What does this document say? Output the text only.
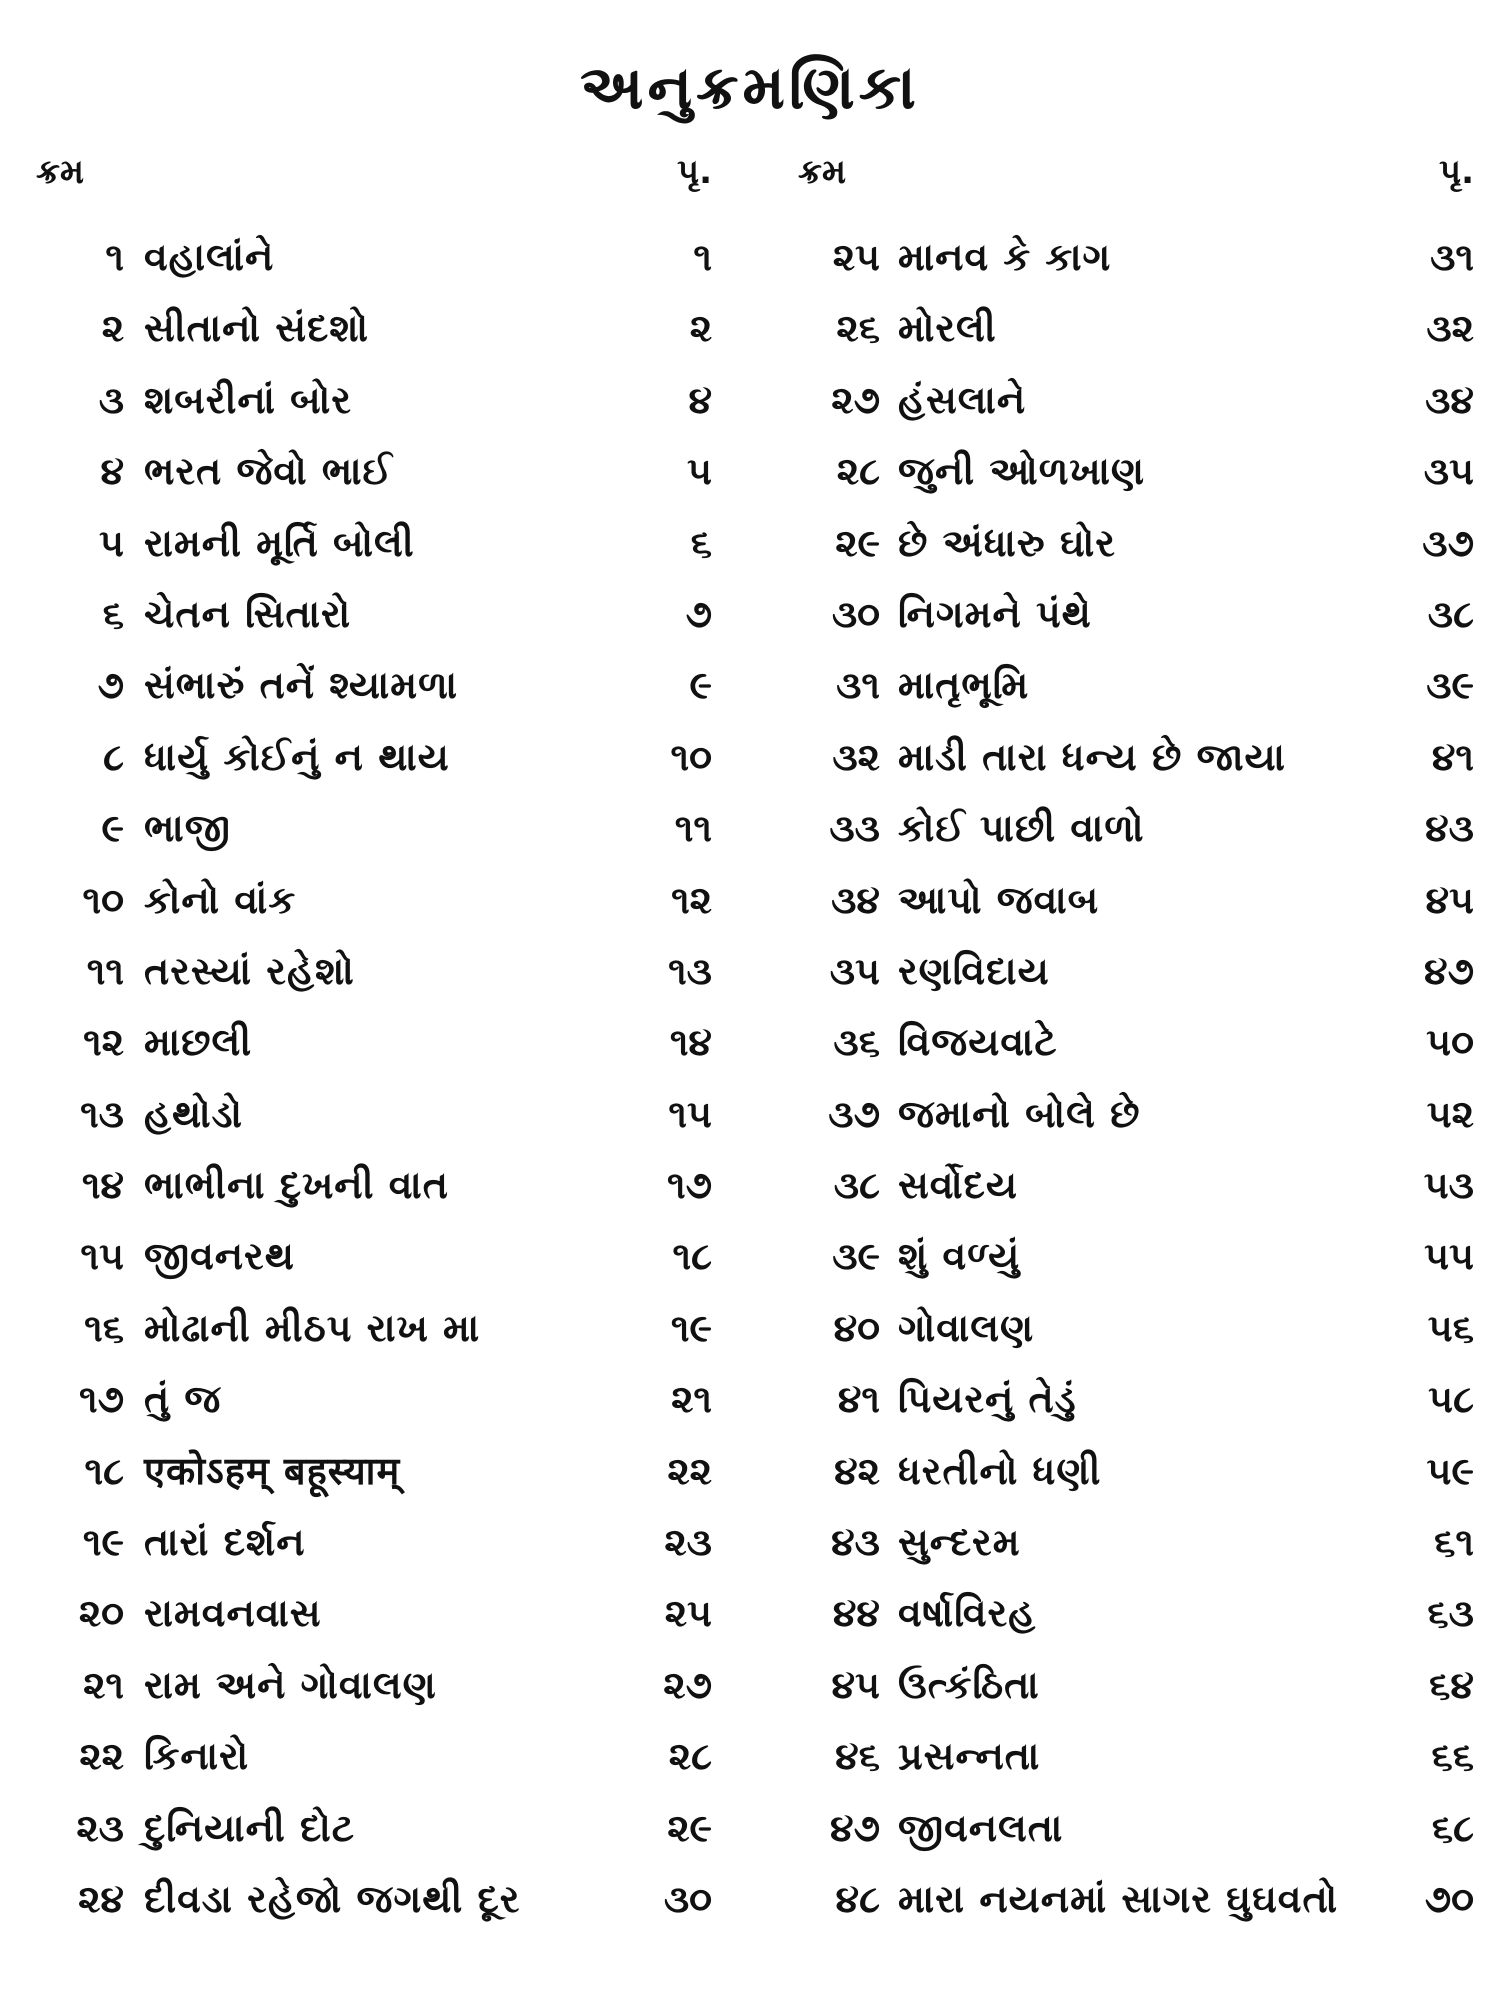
અનુક્રમણિકા
ક્રમ	પૃ.
૧ વહાલાંને	૧
૨ સીતાનો સંદશો	૨
૩ શબરીનાં બોર	૪
૪ ભરત જેવો ભાઈ	૫
૫ રામની મૂર્તિ બોલી	૬
૬ ચેતન સિતારો	૭
૭ સંભારું તનેં શ્યામળા	૯
૮ ધાર્યુ કોઈનું ન થાય	૧૦
૯ ભાજી	૧૧
૧૦ કોનો વાંક	૧૨
૧૧ તરસ્યાં રહેશો	૧૩
૧૨ માછલી	૧૪
૧૩ હથોડો	૧૫
૧૪ ભાભીના દુખની વાત	૧૭
૧૫ જીવનરથ	૧૮
૧૬ મોઢાની મીઠપ રાખ મા	૧૯
૧૭ તું જ	૨૧
૧૮ एकोऽहम् बहूस्याम्	૨૨
૧૯ તારાં દર્શન	૨૩
૨૦ રામવનવાસ	૨૫
૨૧ રામ અને ગોવાલણ	૨૭
૨૨ કિનારો	૨૮
૨૩ દુનિયાની દોટ	૨૯
૨૪ દીવડા રહેજો જગથી દૂર	૩૦
ક્રમ	પૃ.
૨૫ માનવ કે કાગ	૩૧
૨૬ મોરલી	૩૨
૨૭ હંસલાને	૩૪
૨૮ જુની ઓળખાણ	૩૫
૨૯ છે અંધારુ ઘોર	૩૭
૩૦ નિગમને પંથે	૩૮
૩૧ માતૃભૂમિ	૩૯
૩૨ માડી તારા ધન્ય છે જાયા	૪૧
૩૩ કોઈ પાછી વાળો	૪૩
૩૪ આપો જવાબ	૪૫
૩૫ રણવિદાય	૪૭
૩૬ વિજયવાટે	૫૦
૩૭ જમાનો બોલે છે	૫૨
૩૮ સર્વોદય	૫૩
૩૯ શું વળ્યું	૫૫
૪૦ ગોવાલણ	૫૬
૪૧ પિયરનું તેડું	૫૮
૪૨ ધરતીનો ધણી	૫૯
૪૩ સુન્દરમ	૬૧
૪૪ વર્ષાવિરહ	૬૩
૪૫ ઉત્કંઠિતા	૬૪
૪૬ પ્રસન્નતા	૬૬
૪૭ જીવનલતા	૬૮
૪૮ મારા નયનમાં સાગર ઘુઘવતો ૭૦
